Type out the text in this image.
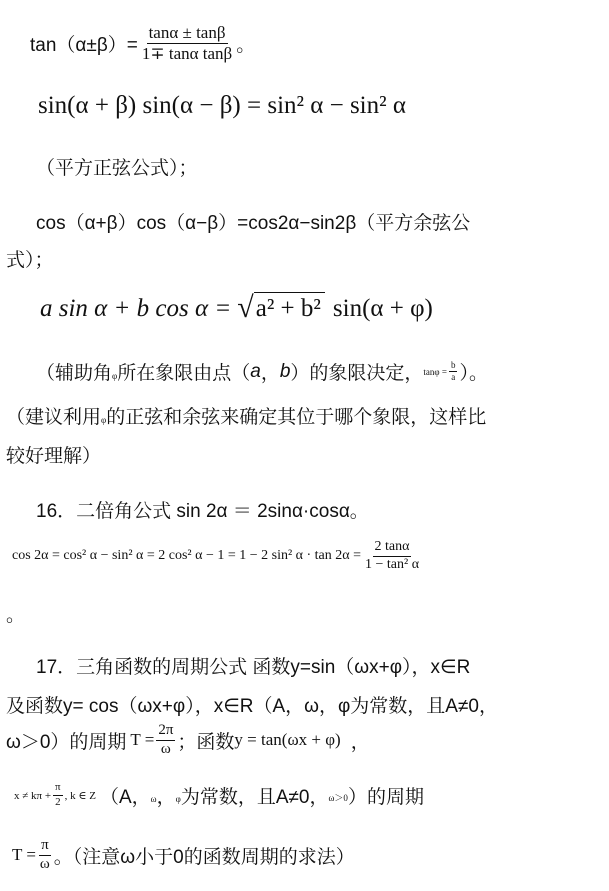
$\tan(\alpha\pm\beta)= \frac{\tan\alpha \pm \tan\beta}{\text{1∓ tanα tanβ}}$ 。
sin(α + β) sin(α − β) = sin² α − sin² α
（平方正弦公式）；
cos（α+β）cos（α−β）=cos2α−sin2β（平方余弦公
式）；
a sin α + b cos α = √ a² + b² sin(α + φ)
（辅助角 φ 所在象限由点（ a ， b ）的象限决定， $\tan\varphi = \frac{b}{a}$ ）。
（建议利用 φ 的正弦和余弦来确定其位于哪个象限，这样比
较好理解）
16．二倍角公式 sin 2α ＝ 2sinα·cosα。
cos 2α = cos² α − sin² α = 2 cos² α − 1 = 1 − 2 sin² $\alpha \cdot \tan 2\alpha = \frac{2 \tan\alpha}{\text{1 − tan² α}}$
。
17．三角函数的周期公式 函数y=sin（ωx+φ），x∈R
及函数y= cos（ωx+φ），x∈R（A，ω，φ为常数，且A≠0，
ω＞0）的周期 $T = \frac{2\pi}{\omega}$ ；函数 y = tan(ωx + φ) ，
$x \ne k\pi + \frac{\pi}{2}$ , k ∈ Z （A， ω ， φ 为常数，且A≠0， ω＞0 ）的周期
$T = \frac{\pi}{\omega}$ 。（注意ω小于0的函数周期的求法）
